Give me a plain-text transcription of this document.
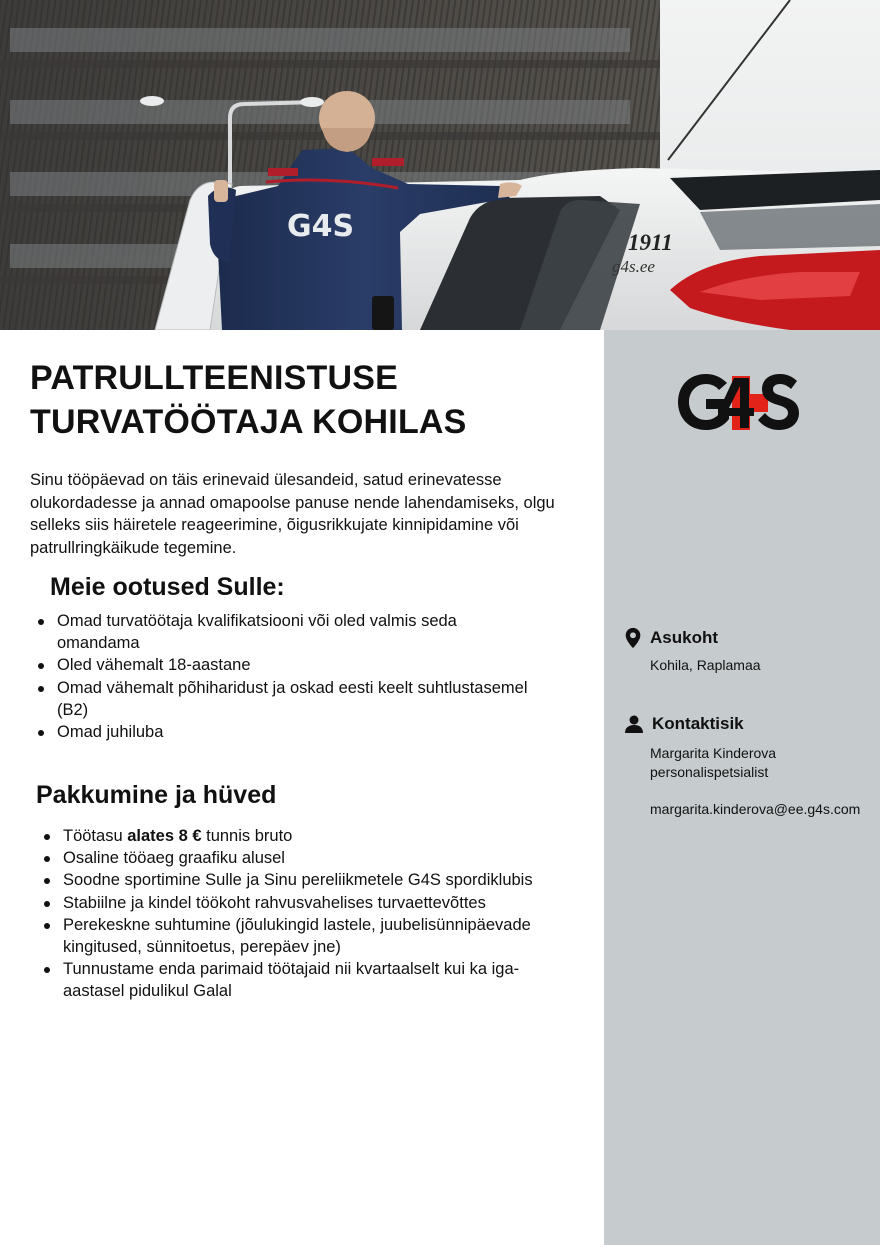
1911
g4s.ee
G4S
PATRULLTEENISTUSE
TURVATÖÖTAJA KOHILAS

Sinu tööpäevad on täis erinevaid ülesandeid, satud erinevatesse olukordadesse ja annad omapoolse panuse nende lahendamiseks, olgu selleks siis häiretele reageerimine, õigusrikkujate kinnipidamine või patrullringkäikude tegemine.

Meie ootused Sulle:
Omad turvatöötaja kvalifikatsiooni või oled valmis seda omandama
Oled vähemalt 18-aastane
Omad vähemalt põhiharidust ja oskad eesti keelt suhtlustasemel (B2)
Omad juhiluba
Pakkumine ja hüved
Töötasu alates 8 € tunnis bruto
Osaline tööaeg graafiku alusel
Soodne sportimine Sulle ja Sinu pereliikmetele G4S spordiklubis
Stabiilne ja kindel töökoht rahvusvahelises turvaettevõttes
Perekeskne suhtumine (jõulukingid lastele, juubelisünnipäevade kingitused, sünnitoetus, perepäev jne)
Tunnustame enda parimaid töötajaid nii kvartaalselt kui ka iga-aastasel pidulikul Galal
G4S
Asukoht
Kohila, Raplamaa
Kontaktisik
Margarita Kinderova
personalispetsialist
margarita.kinderova@ee.g4s.com
